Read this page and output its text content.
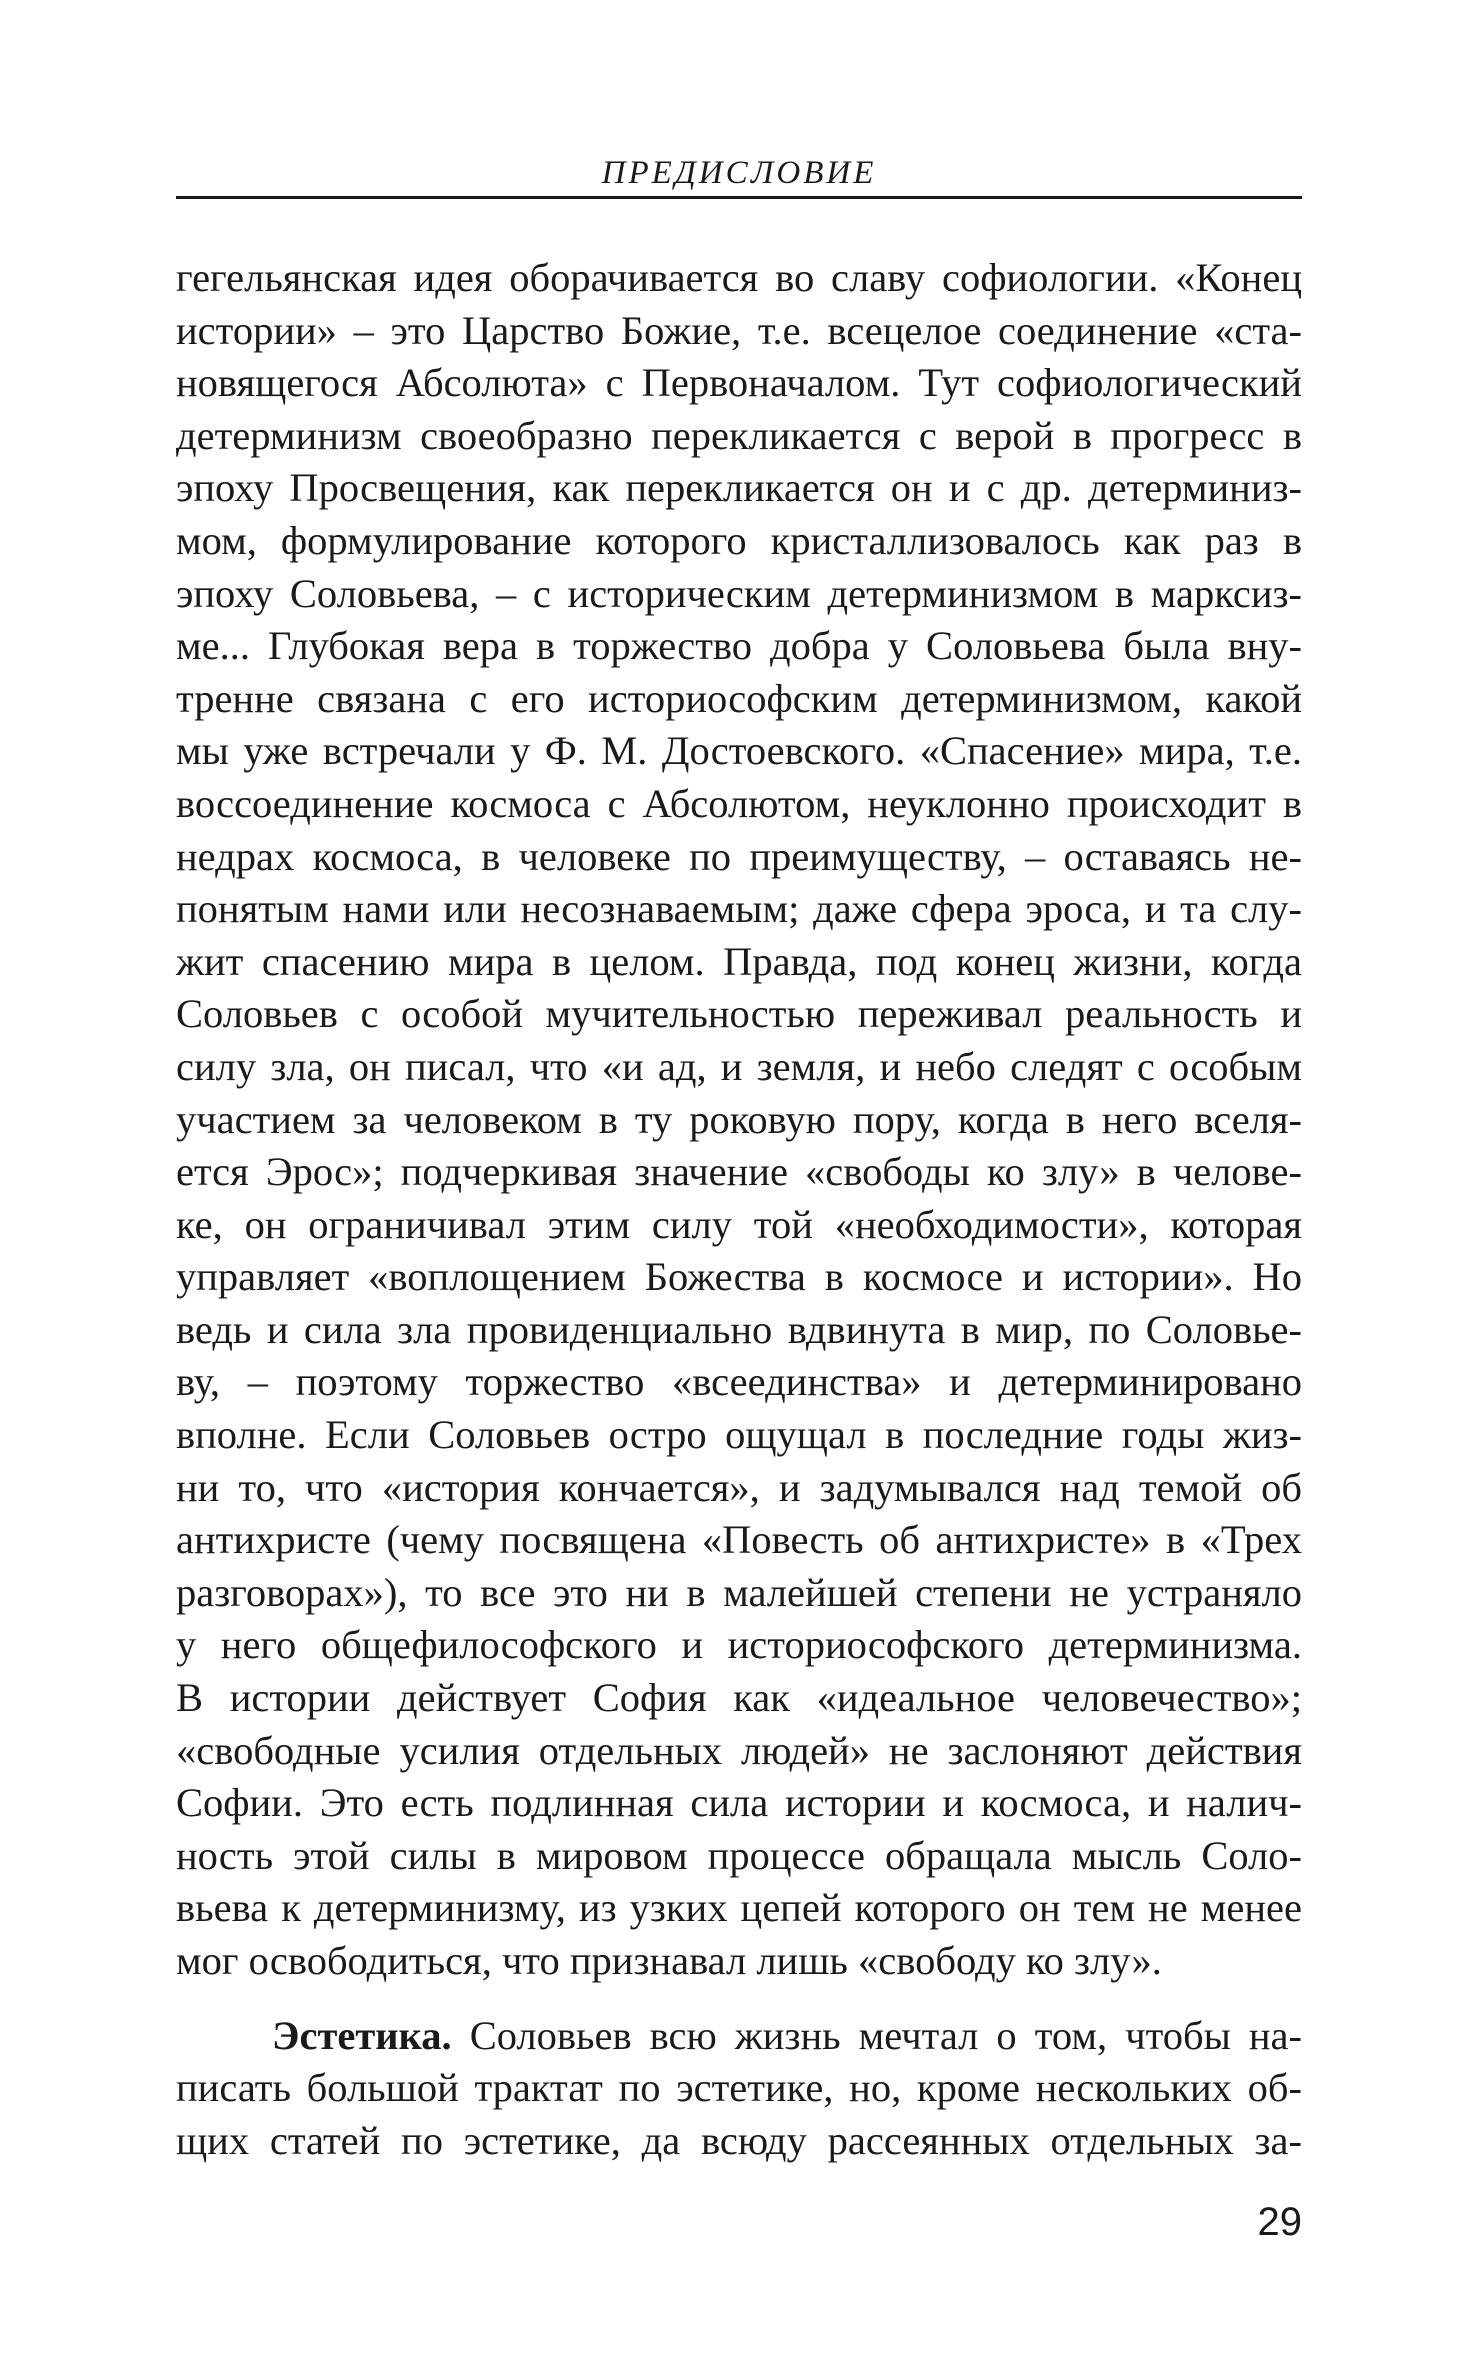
ПРЕДИСЛОВИЕ
гегельянская идея оборачивается во славу софиологии. «Конец
истории» – это Царство Божие, т.е. всецелое соединение «ста-
новящегося Абсолюта» с Первоначалом. Тут софиологический
детерминизм своеобразно перекликается с верой в прогресс в
эпоху Просвещения, как перекликается он и с др. детерминиз-
мом, формулирование которого кристаллизовалось как раз в
эпоху Соловьева, – с историческим детерминизмом в марксиз-
ме... Глубокая вера в торжество добра у Соловьева была вну-
тренне связана с его историософским детерминизмом, какой
мы уже встречали у Ф. М. Достоевского. «Спасение» мира, т.е.
воссоединение космоса с Абсолютом, неуклонно происходит в
недрах космоса, в человеке по преимуществу, – оставаясь не-
понятым нами или несознаваемым; даже сфера эроса, и та слу-
жит спасению мира в целом. Правда, под конец жизни, когда
Соловьев с особой мучительностью переживал реальность и
силу зла, он писал, что «и ад, и земля, и небо следят с особым
участием за человеком в ту роковую пору, когда в него вселя-
ется Эрос»; подчеркивая значение «свободы ко злу» в челове-
ке, он ограничивал этим силу той «необходимости», которая
управляет «воплощением Божества в космосе и истории». Но
ведь и сила зла провиденциально вдвинута в мир, по Соловье-
ву, – поэтому торжество «всеединства» и детерминировано
вполне. Если Соловьев остро ощущал в последние годы жиз-
ни то, что «история кончается», и задумывался над темой об
антихристе (чему посвящена «Повесть об антихристе» в «Трех
разговорах»), то все это ни в малейшей степени не устраняло
у него общефилософского и историософского детерминизма.
В истории действует София как «идеальное человечество»;
«свободные усилия отдельных людей» не заслоняют действия
Софии. Это есть подлинная сила истории и космоса, и налич-
ность этой силы в мировом процессе обращала мысль Соло-
вьева к детерминизму, из узких цепей которого он тем не менее
мог освободиться, что признавал лишь «свободу ко злу».
Эстетика. Соловьев всю жизнь мечтал о том, чтобы на-
писать большой трактат по эстетике, но, кроме нескольких об-
щих статей по эстетике, да всюду рассеянных отдельных за-
29
